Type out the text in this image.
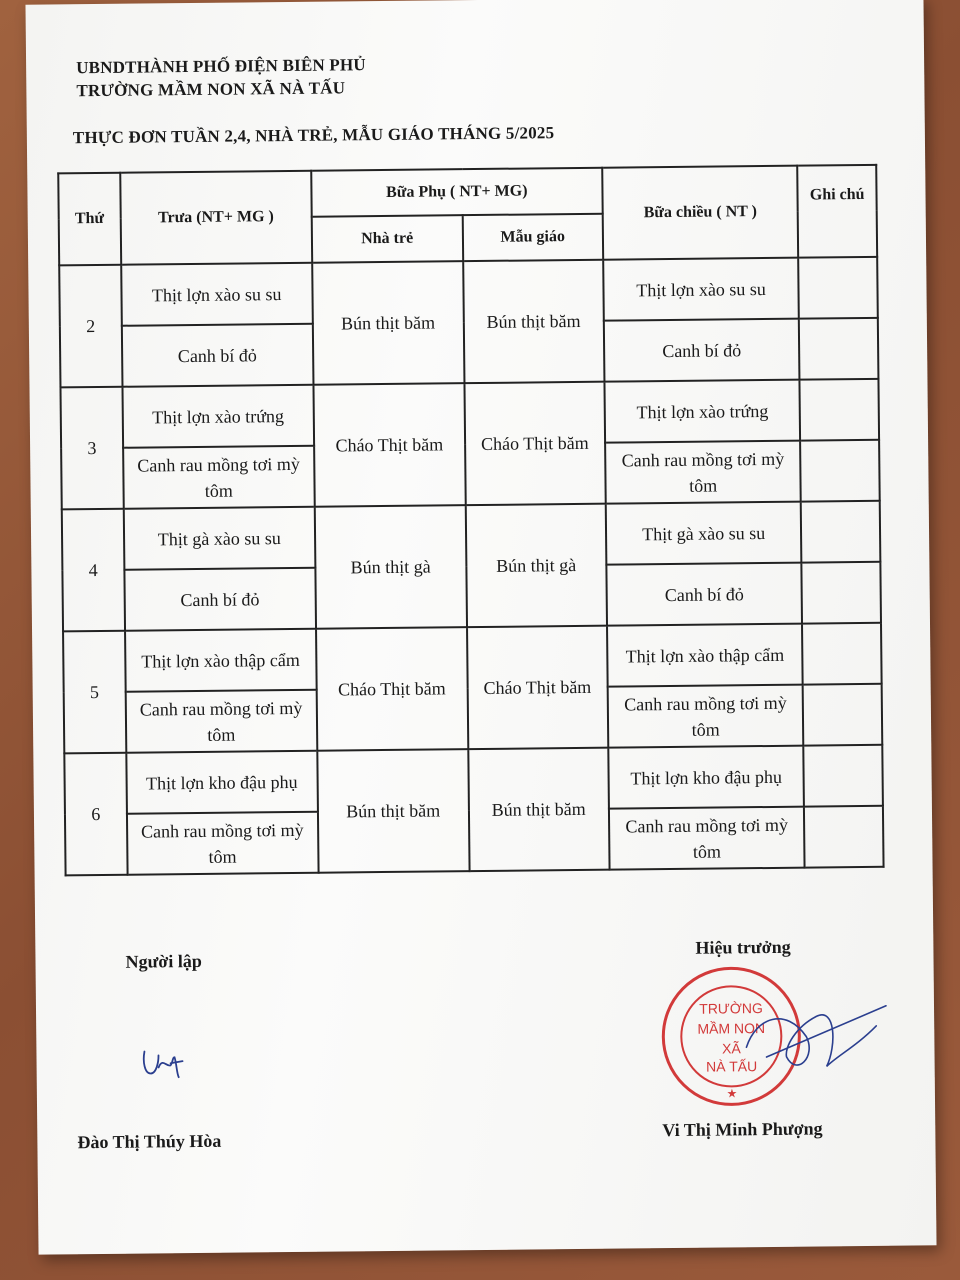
UBNDTHÀNH PHỐ ĐIỆN BIÊN PHỦ
TRƯỜNG MẦM NON XÃ NÀ TẤU
THỰC ĐƠN TUẦN 2,4, NHÀ TRẺ, MẪU GIÁO THÁNG 5/2025
Thứ	Trưa (NT+ MG )	Bữa Phụ ( NT+ MG)		Bữa chiều ( NT )	Ghi chú
		Nhà trẻ	Mẫu giáo		
2	Thịt lợn xào su su	Bún thịt băm	Bún thịt băm	Thịt lợn xào su su	
	Canh bí đỏ			Canh bí đỏ	
3	Thịt lợn xào trứng	Cháo Thịt băm	Cháo Thịt băm	Thịt lợn xào trứng	
	Canh rau mồng tơi mỳ tôm			Canh rau mồng tơi mỳ tôm	
4	Thịt gà xào su su	Bún thịt gà	Bún thịt gà	Thịt gà xào su su	
	Canh bí đỏ			Canh bí đỏ	
5	Thịt lợn xào thập cẩm	Cháo Thịt băm	Cháo Thịt băm	Thịt lợn xào thập cẩm	
	Canh rau mồng tơi mỳ tôm			Canh rau mồng tơi mỳ tôm	
6	Thịt lợn kho đậu phụ	Bún thịt băm	Bún thịt băm	Thịt lợn kho đậu phụ	
	Canh rau mồng tơi mỳ tôm			Canh rau mồng tơi mỳ tôm	
Người lập
Hiệu trưởng
TRƯỜNG
MẦM NON
XÃ
NÀ TẤU
★
Đào Thị Thúy Hòa
Vi Thị Minh Phượng
